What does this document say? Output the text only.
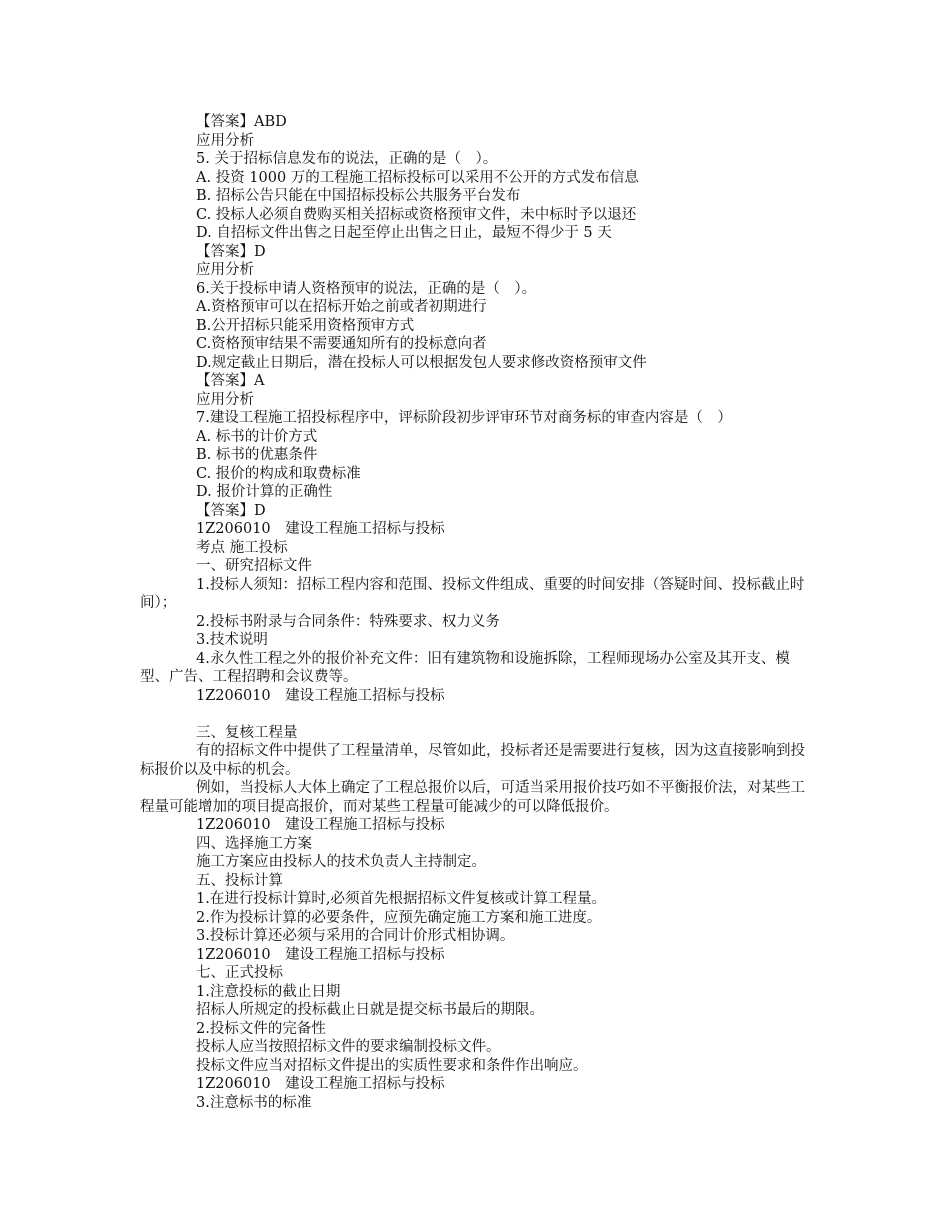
【答案】ABD
应用分析
5. 关于招标信息发布的说法，正确的是（　）。
A. 投资 1000 万的工程施工招标投标可以采用不公开的方式发布信息
B. 招标公告只能在中国招标投标公共服务平台发布
C. 投标人必须自费购买相关招标或资格预审文件，未中标时予以退还
D. 自招标文件出售之日起至停止出售之日止，最短不得少于 5 天
【答案】D
应用分析
6.关于投标申请人资格预审的说法，正确的是（　）。
A.资格预审可以在招标开始之前或者初期进行
B.公开招标只能采用资格预审方式
C.资格预审结果不需要通知所有的投标意向者
D.规定截止日期后，潜在投标人可以根据发包人要求修改资格预审文件
【答案】A
应用分析
7.建设工程施工招投标程序中，评标阶段初步评审环节对商务标的审查内容是（　）
A. 标书的计价方式
B. 标书的优惠条件
C. 报价的构成和取费标准
D. 报价计算的正确性
【答案】D
1Z206010　建设工程施工招标与投标
考点 施工投标
一、研究招标文件
1.投标人须知：招标工程内容和范围、投标文件组成、重要的时间安排（答疑时间、投标截止时间）；
2.投标书附录与合同条件：特殊要求、权力义务
3.技术说明
4.永久性工程之外的报价补充文件：旧有建筑物和设施拆除，工程师现场办公室及其开支、模型、广告、工程招聘和会议费等。
1Z206010　建设工程施工招标与投标
三、复核工程量
有的招标文件中提供了工程量清单，尽管如此，投标者还是需要进行复核，因为这直接影响到投标报价以及中标的机会。
例如，当投标人大体上确定了工程总报价以后，可适当采用报价技巧如不平衡报价法，对某些工程量可能增加的项目提高报价，而对某些工程量可能减少的可以降低报价。
1Z206010　建设工程施工招标与投标
四、选择施工方案
施工方案应由投标人的技术负责人主持制定。
五、投标计算
1.在进行投标计算时,必须首先根据招标文件复核或计算工程量。
2.作为投标计算的必要条件，应预先确定施工方案和施工进度。
3.投标计算还必须与采用的合同计价形式相协调。
1Z206010　建设工程施工招标与投标
七、正式投标
1.注意投标的截止日期
招标人所规定的投标截止日就是提交标书最后的期限。
2.投标文件的完备性
投标人应当按照招标文件的要求编制投标文件。
投标文件应当对招标文件提出的实质性要求和条件作出响应。
1Z206010　建设工程施工招标与投标
3.注意标书的标准
